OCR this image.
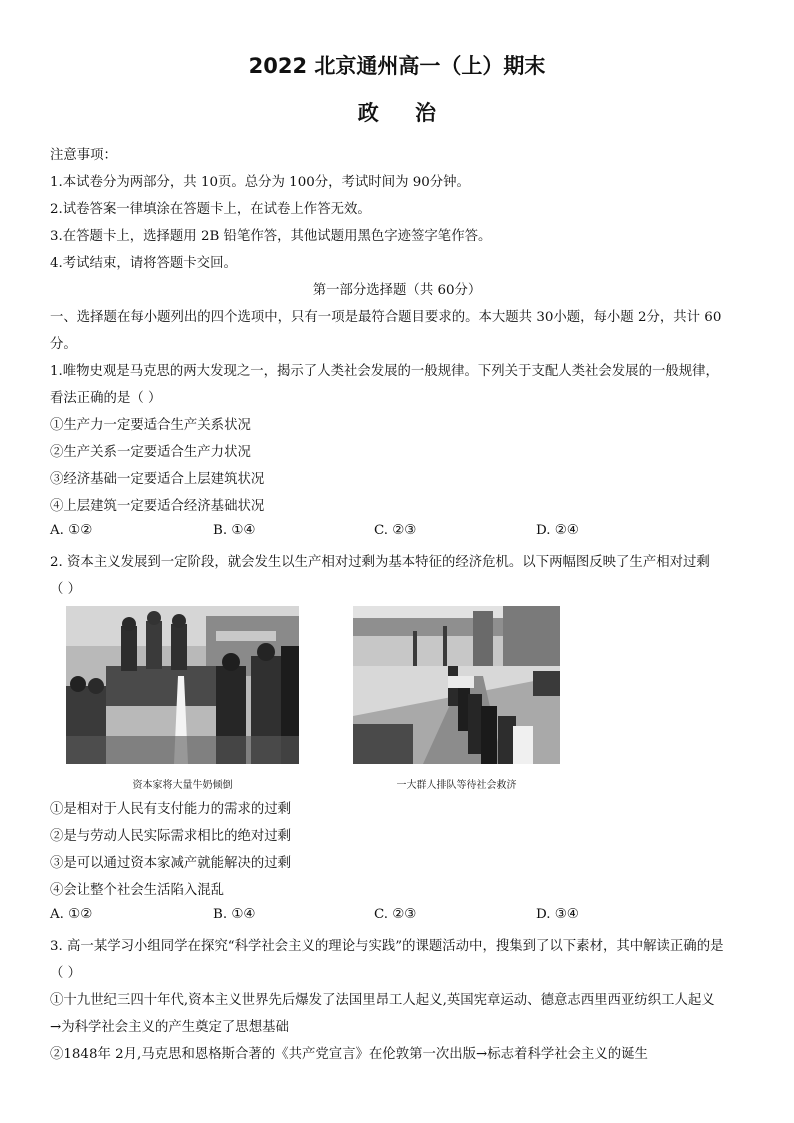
2022 北京通州高一（上）期末
政 治
注意事项：
1.本试卷分为两部分，共 10页。总分为 100分，考试时间为 90分钟。
2.试卷答案一律填涂在答题卡上，在试卷上作答无效。
3.在答题卡上，选择题用 2B 铅笔作答，其他试题用黑色字迹签字笔作答。
4.考试结束，请将答题卡交回。
第一部分选择题（共 60分）
一、选择题在每小题列出的四个选项中，只有一项是最符合题目要求的。本大题共 30小题，每小题 2分，共计 60
分。
1.唯物史观是马克思的两大发现之一，揭示了人类社会发展的一般规律。下列关于支配人类社会发展的一般规律，
看法正确的是（ ）
①生产力一定要适合生产关系状况
②生产关系一定要适合生产力状况
③经济基础一定要适合上层建筑状况
④上层建筑一定要适合经济基础状况
A. ①②	B. ①④	C. ②③	D. ②④
2. 资本主义发展到一定阶段，就会发生以生产相对过剩为基本特征的经济危机。以下两幅图反映了生产相对过剩
（ ）
资本家将大量牛奶倾倒	一大群人排队等待社会救济
①是相对于人民有支付能力的需求的过剩
②是与劳动人民实际需求相比的绝对过剩
③是可以通过资本家减产就能解决的过剩
④会让整个社会生活陷入混乱
A. ①②	B. ①④	C. ②③	D. ③④
3. 高一某学习小组同学在探究“科学社会主义的理论与实践”的课题活动中，搜集到了以下素材，其中解读正确的是
（ ）
①十九世纪三四十年代,资本主义世界先后爆发了法国里昂工人起义,英国宪章运动、德意志西里西亚纺织工人起义
→为科学社会主义的产生奠定了思想基础
②1848年 2月,马克思和恩格斯合著的《共产党宣言》在伦敦第一次出版→标志着科学社会主义的诞生
